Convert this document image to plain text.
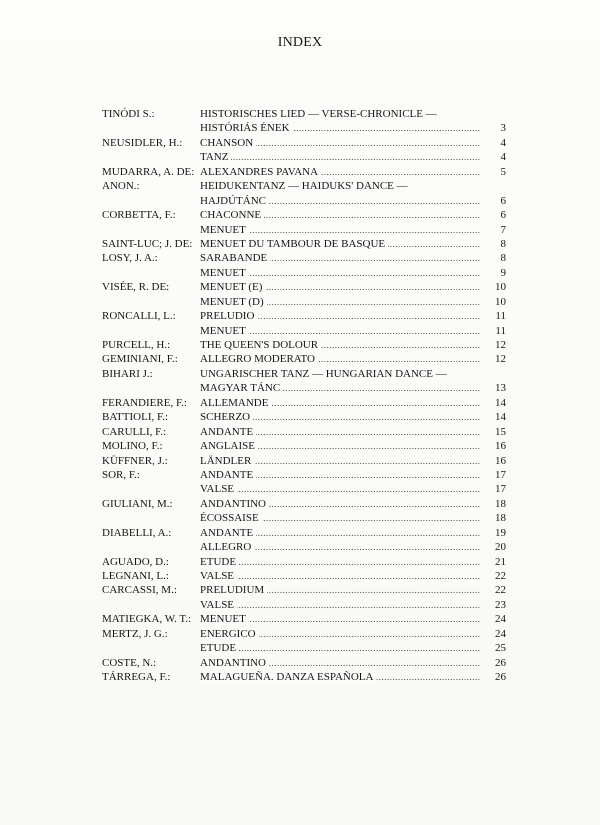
INDEX
TINÓDI S.:	HISTORISCHES LIED — VERSE-CHRONICLE —
.....
HISTÓRIÁS ÉNEK	3
NEUSIDLER, H.: ..... CHANSON	4
.....
TANZ	4
MUDARRA, A. DE: ..... ALEXANDRES PAVANA	5
ANON.:	HEIDUKENTANZ — HAIDUKS' DANCE —
.....
HAJDÚTÁNC	6
CORBETTA, F.: ..... CHACONNE	6
.....
MENUET	7
SAINT-LUC; J. DE: ..... MENUET DU TAMBOUR DE BASQUE	8
LOSY, J. A.: .....	SARABANDE	8
.....
MENUET	9
VISÉE, R. DE: .....	MENUET (E)	10
.....
MENUET (D)	10
RONCALLI, L.: ..... PRELUDIO	11
.....
MENUET	11
PURCELL, H.: .....	THE QUEEN'S DOLOUR	12
GEMINIANI, F.: ..... ALLEGRO MODERATO	12
BIHARI J.:	UNGARISCHER TANZ — HUNGARIAN DANCE —
.....
MAGYAR TÁNC	13
FERANDIERE, F.: ..... ALLEMANDE	14
BATTIOLI, F.: .....	SCHERZO	14
CARULLI, F.: .....	ANDANTE	15
MOLINO, F.: .....	ANGLAISE	16
KÜFFNER, J.: .....	LÄNDLER	16
SOR, F.: .....	ANDANTE	17
.....
VALSE	17
GIULIANI, M.: ..... ANDANTINO	18
.....
ÉCOSSAISE	18
DIABELLI, A.: .....	ANDANTE	19
.....
ALLEGRO	20
AGUADO, D.: .....	ETUDE	21
LEGNANI, L.: .....	VALSE	22
CARCASSI, M.: ..... PRELUDIUM	22
.....
VALSE	23
MATIEGKA, W. T.: ..... MENUET	24
MERTZ, J. G.: .....	ENERGICO	24
.....
ETUDE	25
COSTE, N.: .....	ANDANTINO	26
TÁRREGA, F.: .....	MALAGUEÑA. DANZA ESPAÑOLA	26
